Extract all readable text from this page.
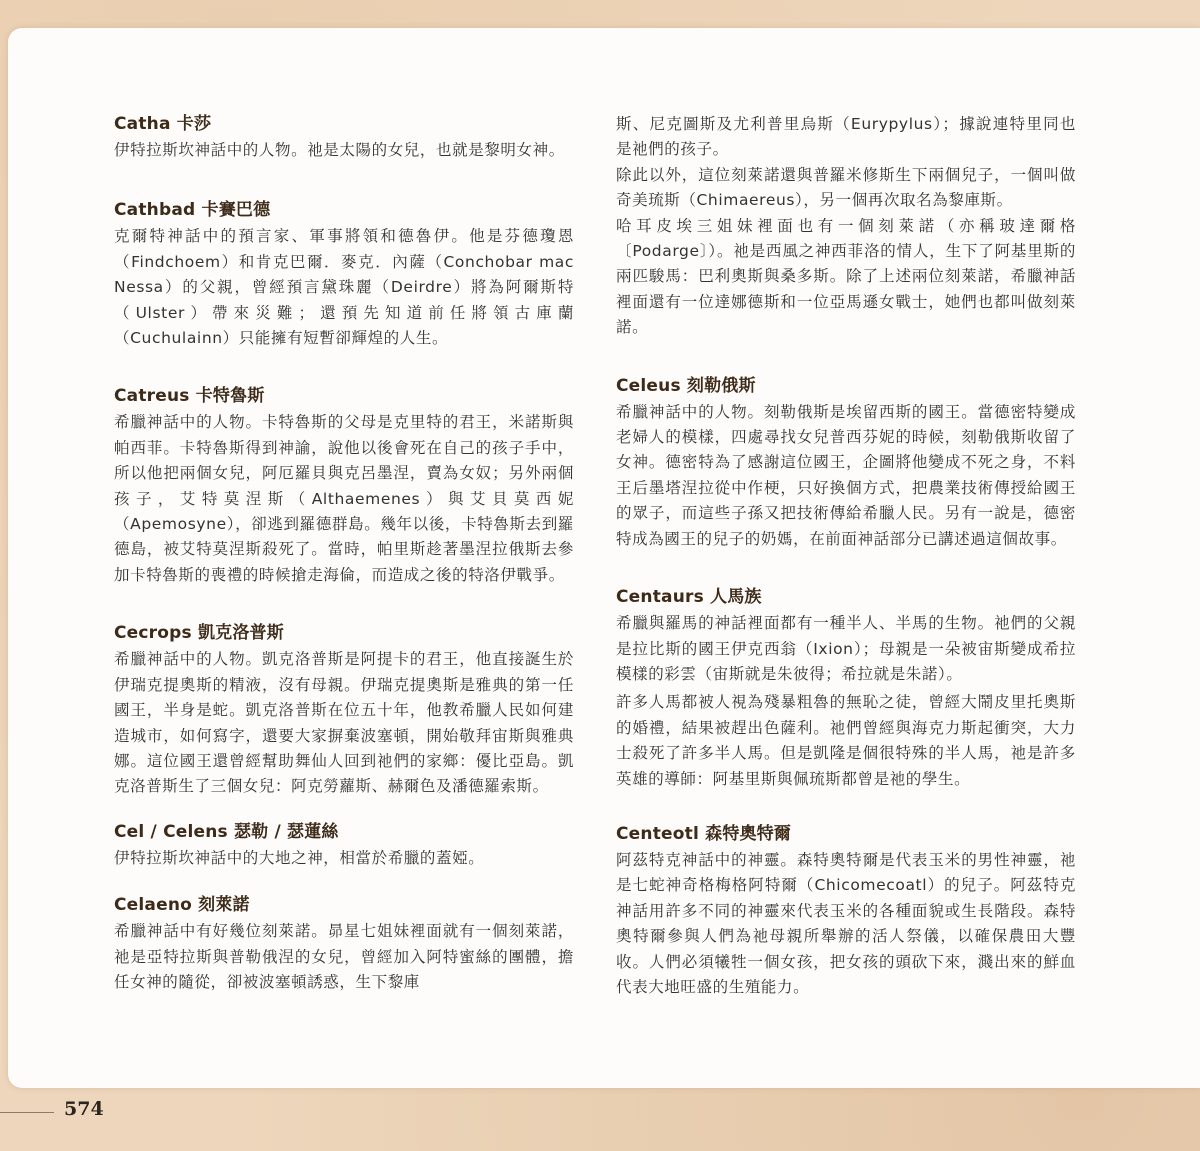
Catha 卡莎

伊特拉斯坎神話中的人物。祂是太陽的女兒，也就是黎明女神。

Cathbad 卡賽巴德

克爾特神話中的預言家、軍事將領和德魯伊。他是芬德瓊恩（Findchoem）和肯克巴爾．麥克．內薩（Conchobar mac Nessa）的父親，曾經預言黛珠麗（Deirdre）將為阿爾斯特（Ulster）帶來災難；還預先知道前任將領古庫蘭（Cuchulainn）只能擁有短暫卻輝煌的人生。

Catreus 卡特魯斯

希臘神話中的人物。卡特魯斯的父母是克里特的君王，米諾斯與帕西菲。卡特魯斯得到神諭，說他以後會死在自己的孩子手中，所以他把兩個女兒，阿厄羅貝與克呂墨涅，賣為女奴；另外兩個孩子，艾特莫涅斯（Althaemenes）與艾貝莫西妮（Apemosyne），卻逃到羅德群島。幾年以後，卡特魯斯去到羅德島，被艾特莫涅斯殺死了。當時，帕里斯趁著墨涅拉俄斯去參加卡特魯斯的喪禮的時候搶走海倫，而造成之後的特洛伊戰爭。

Cecrops 凱克洛普斯

希臘神話中的人物。凱克洛普斯是阿提卡的君王，他直接誕生於伊瑞克提奧斯的精液，沒有母親。伊瑞克提奧斯是雅典的第一任國王，半身是蛇。凱克洛普斯在位五十年，他教希臘人民如何建造城市，如何寫字，還要大家摒棄波塞頓，開始敬拜宙斯與雅典娜。這位國王還曾經幫助舞仙人回到祂們的家鄉：優比亞島。凱克洛普斯生了三個女兒：阿克勞蘿斯、赫爾色及潘德羅索斯。

Cel / Celens 瑟勒 / 瑟蓮絲

伊特拉斯坎神話中的大地之神，相當於希臘的蓋婭。

Celaeno 刻萊諾

希臘神話中有好幾位刻萊諾。昴星七姐妹裡面就有一個刻萊諾，祂是亞特拉斯與普勒俄涅的女兒，曾經加入阿特蜜絲的團體，擔任女神的隨從，卻被波塞頓誘惑，生下黎庫

斯、尼克圖斯及尤利普里烏斯（Eurypylus）；據說連特里同也是祂們的孩子。

除此以外，這位刻萊諾還與普羅米修斯生下兩個兒子，一個叫做奇美琉斯（Chimaereus），另一個再次取名為黎庫斯。

哈耳皮埃三姐妹裡面也有一個刻萊諾（亦稱玻達爾格〔Podarge〕）。祂是西風之神西菲洛的情人，生下了阿基里斯的兩匹駿馬：巴利奧斯與桑多斯。除了上述兩位刻萊諾，希臘神話裡面還有一位達娜德斯和一位亞馬遜女戰士，她們也都叫做刻萊諾。

Celeus 刻勒俄斯

希臘神話中的人物。刻勒俄斯是埃留西斯的國王。當德密特變成老婦人的模樣，四處尋找女兒普西芬妮的時候，刻勒俄斯收留了女神。德密特為了感謝這位國王，企圖將他變成不死之身，不料王后墨塔涅拉從中作梗，只好換個方式，把農業技術傳授給國王的眾子，而這些子孫又把技術傳給希臘人民。另有一說是，德密特成為國王的兒子的奶媽，在前面神話部分已講述過這個故事。

Centaurs 人馬族

希臘與羅馬的神話裡面都有一種半人、半馬的生物。祂們的父親是拉比斯的國王伊克西翁（Ixion）；母親是一朵被宙斯變成希拉模樣的彩雲（宙斯就是朱彼得；希拉就是朱諾）。

許多人馬都被人視為殘暴粗魯的無恥之徒，曾經大鬧皮里托奧斯的婚禮，結果被趕出色薩利。祂們曾經與海克力斯起衝突，大力士殺死了許多半人馬。但是凱隆是個很特殊的半人馬，祂是許多英雄的導師：阿基里斯與佩琉斯都曾是祂的學生。

Centeotl 森特奧特爾

阿茲特克神話中的神靈。森特奧特爾是代表玉米的男性神靈，祂是七蛇神奇格梅格阿特爾（Chicomecoatl）的兒子。阿茲特克神話用許多不同的神靈來代表玉米的各種面貌或生長階段。森特奧特爾參與人們為祂母親所舉辦的活人祭儀，以確保農田大豐收。人們必須犧牲一個女孩，把女孩的頭砍下來，濺出來的鮮血代表大地旺盛的生殖能力。

574
